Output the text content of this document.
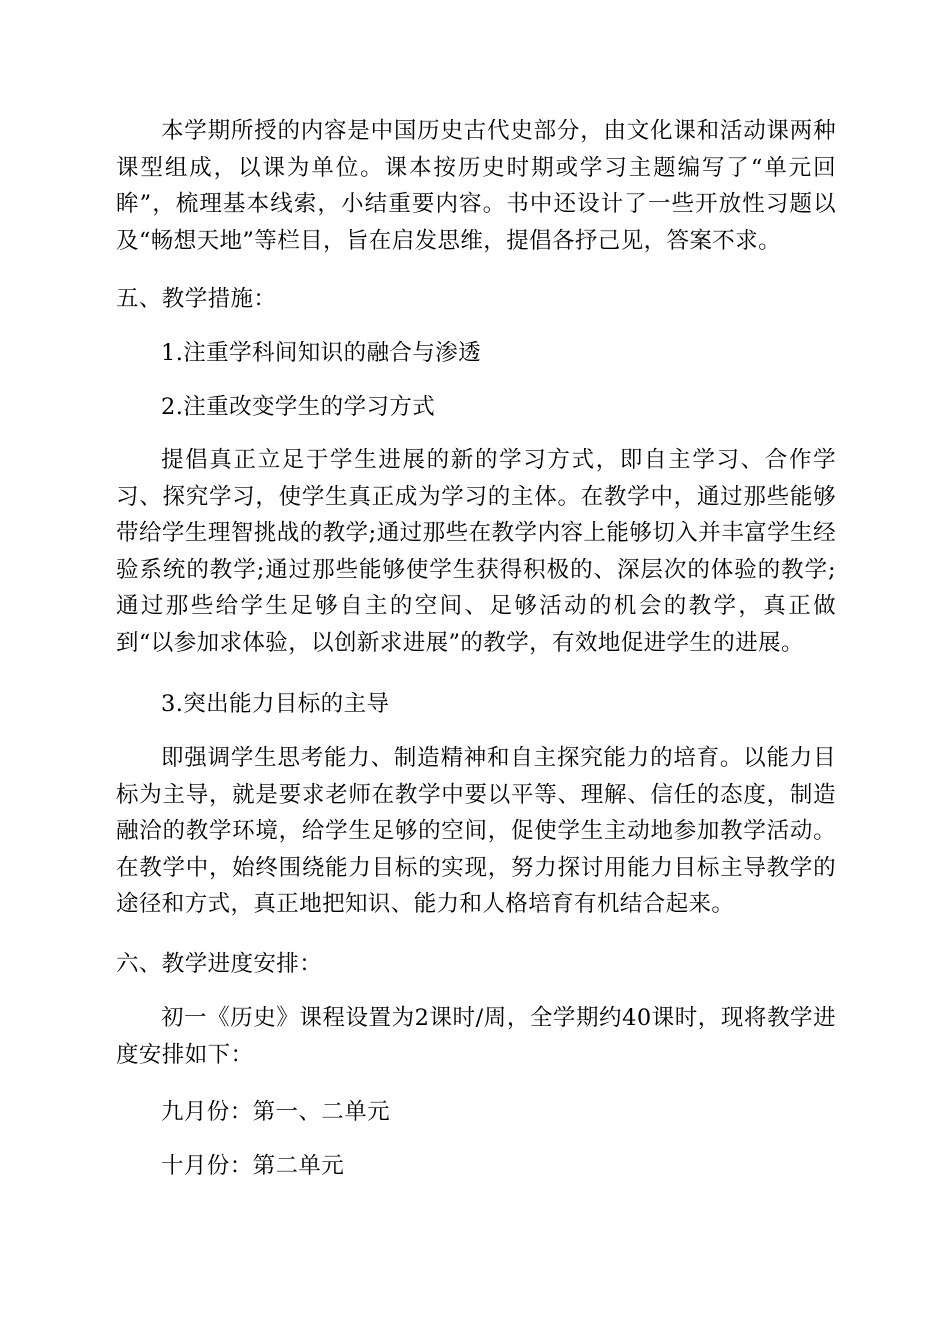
本学期所授的内容是中国历史古代史部分，由文化课和活动课两种课型组成，以课为单位。课本按历史时期或学习主题编写了“单元回眸”，梳理基本线索，小结重要内容。书中还设计了一些开放性习题以及“畅想天地”等栏目，旨在启发思维，提倡各抒己见，答案不求。

五、教学措施：

1.注重学科间知识的融合与渗透

2.注重改变学生的学习方式

提倡真正立足于学生进展的新的学习方式，即自主学习、合作学习、探究学习，使学生真正成为学习的主体。在教学中，通过那些能够带给学生理智挑战的教学;通过那些在教学内容上能够切入并丰富学生经验系统的教学;通过那些能够使学生获得积极的、深层次的体验的教学;通过那些给学生足够自主的空间、足够活动的机会的教学，真正做到“以参加求体验，以创新求进展”的教学，有效地促进学生的进展。

3.突出能力目标的主导

即强调学生思考能力、制造精神和自主探究能力的培育。以能力目标为主导，就是要求老师在教学中要以平等、理解、信任的态度，制造融洽的教学环境，给学生足够的空间，促使学生主动地参加教学活动。在教学中，始终围绕能力目标的实现，努力探讨用能力目标主导教学的途径和方式，真正地把知识、能力和人格培育有机结合起来。

六、教学进度安排：

初一《历史》课程设置为2课时/周，全学期约40课时，现将教学进度安排如下：

九月份：第一、二单元

十月份：第二单元
